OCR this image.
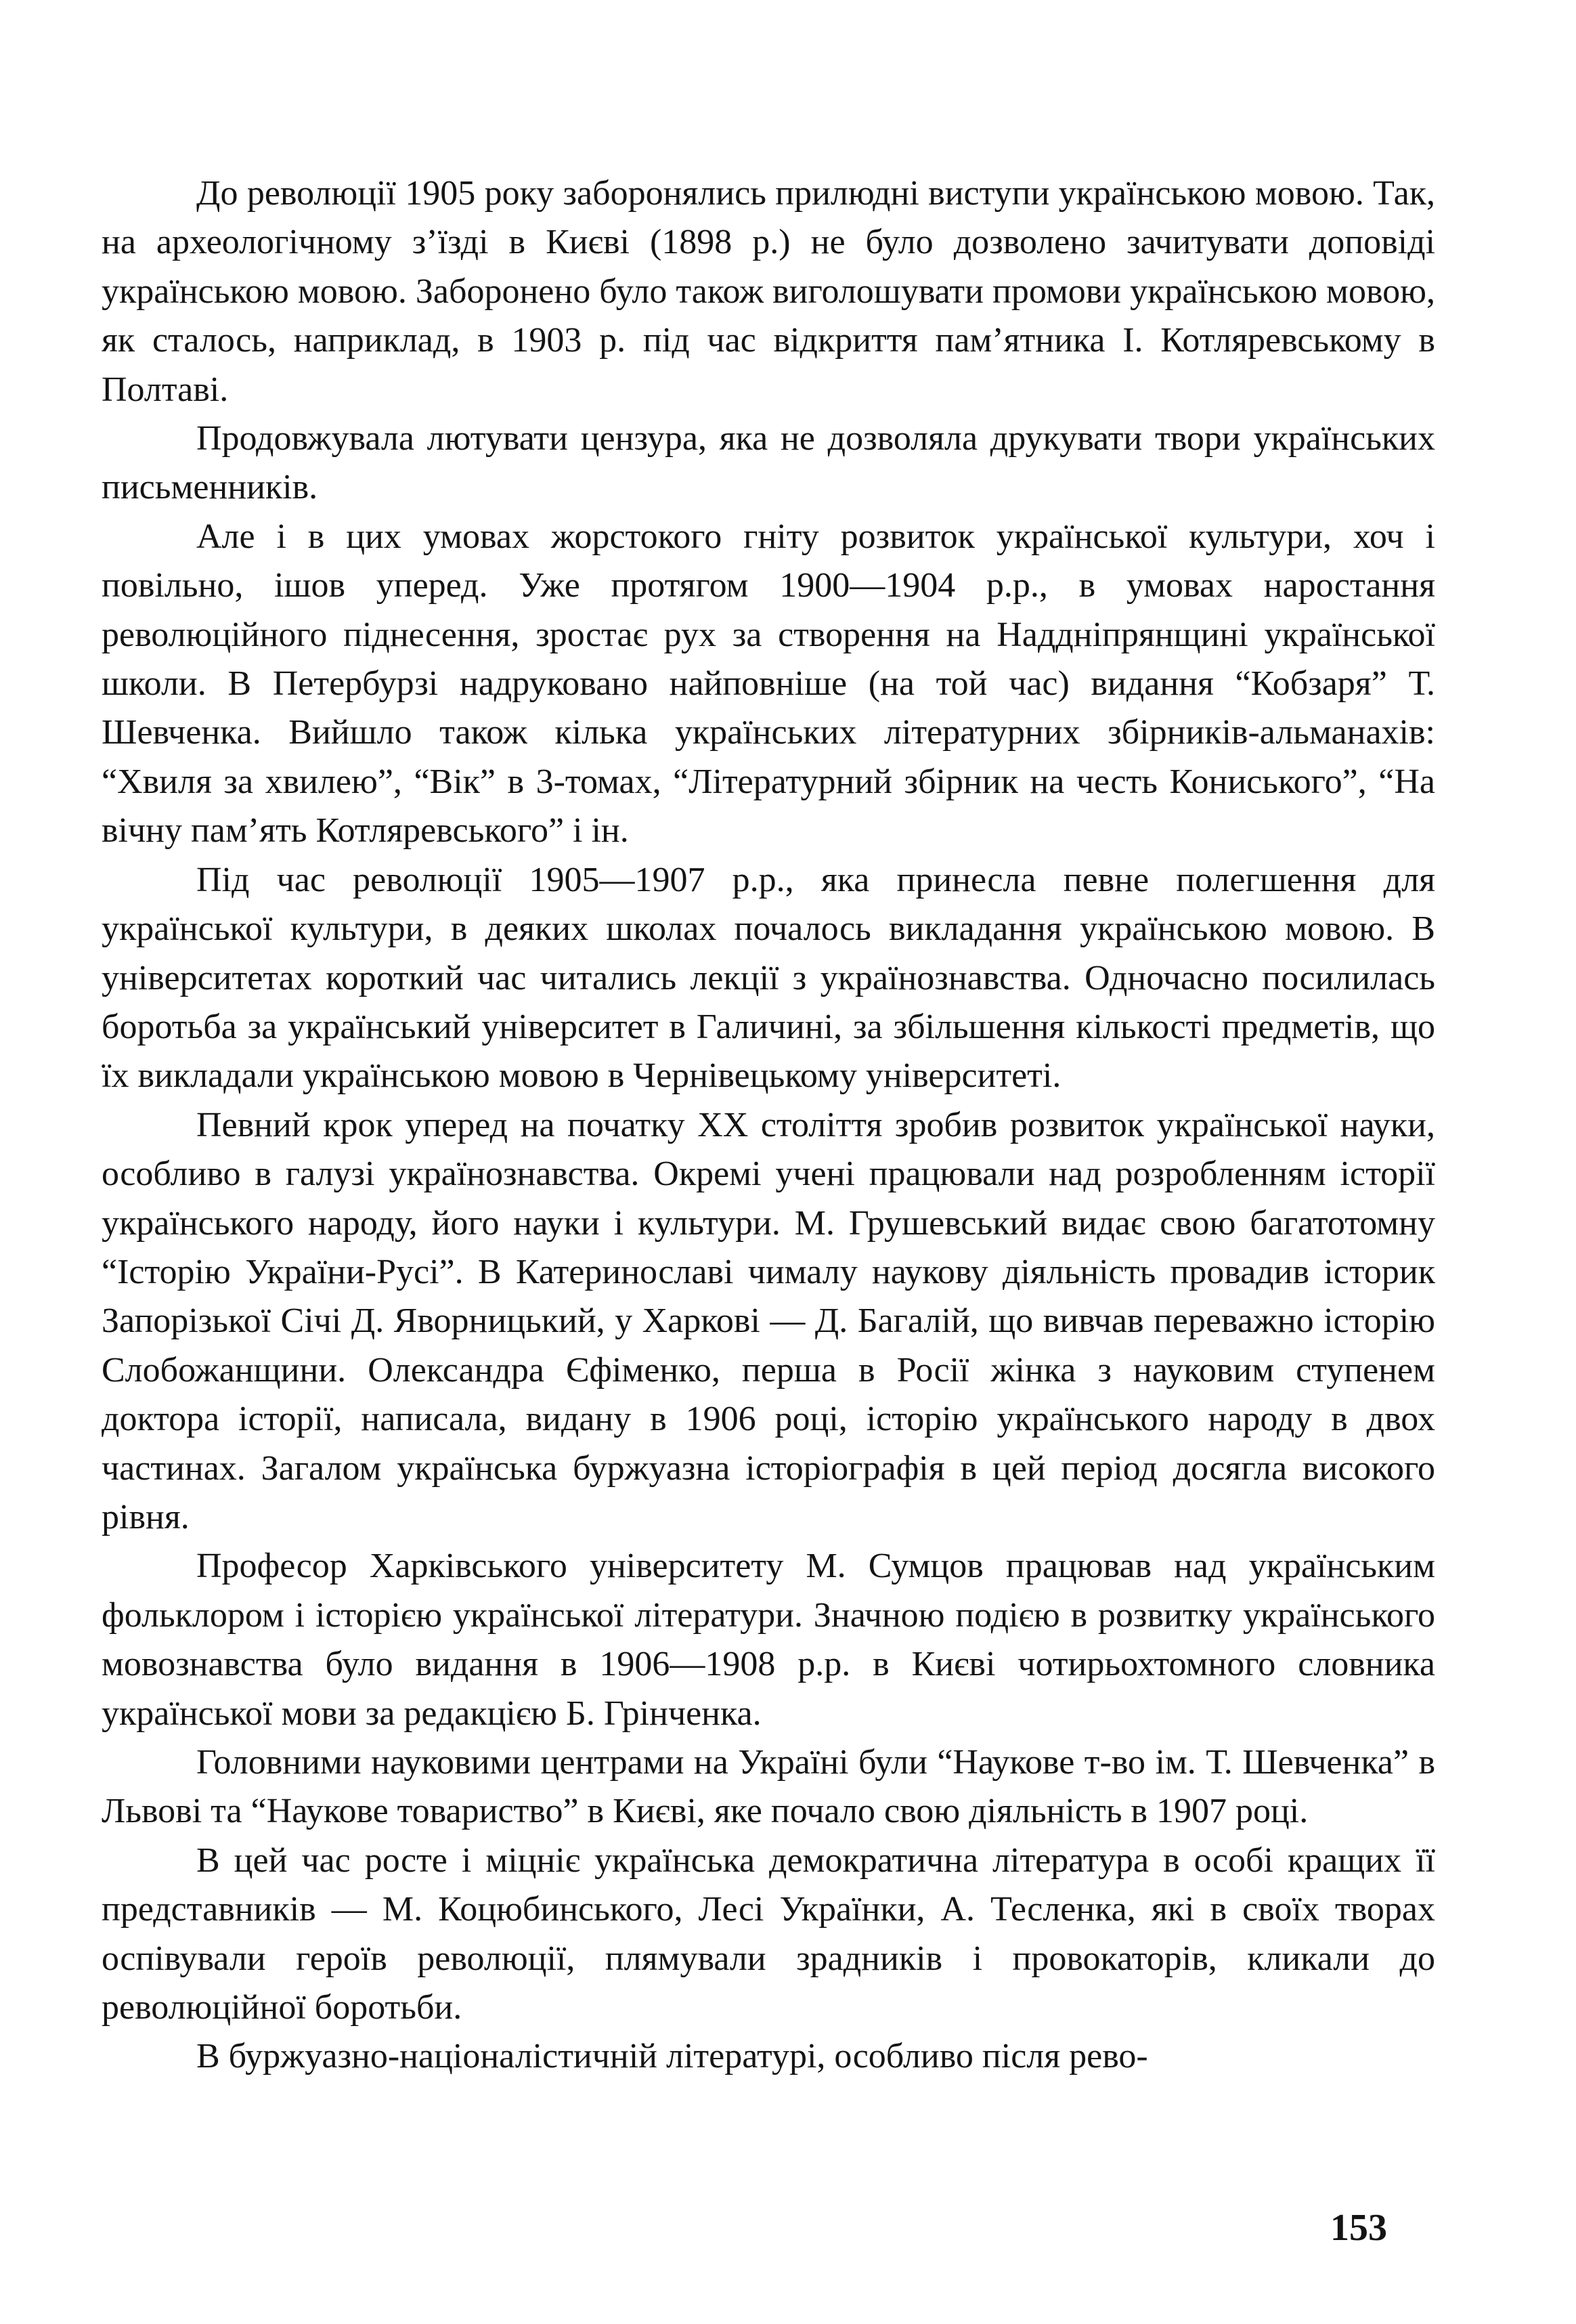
До революції 1905 року заборонялись прилюдні виступи українською мовою. Так, на археологічному з’їзді в Києві (1898 р.) не було дозволено зачитувати доповіді українською мовою. Заборонено було також виголошувати промови українською мовою, як сталось, наприклад, в 1903 р. під час відкриття пам’ятника І. Котляревському в Полтаві.

Продовжувала лютувати цензура, яка не дозволяла друкувати твори українських письменників.

Але і в цих умовах жорстокого гніту розвиток української культури, хоч і повільно, ішов уперед. Уже протягом 1900—1904 р.р., в умовах наростання революційного піднесення, зростає рух за створення на Наддніпрянщині української школи. В Петербурзі надруковано найповніше (на той час) видання “Кобзаря” Т. Шевченка. Вийшло також кілька українських літературних збірників-альманахів: “Хвиля за хвилею”, “Вік” в 3-томах, “Літературний збірник на честь Кониського”, “На вічну пам’ять Котляревського” і ін.

Під час революції 1905—1907 р.р., яка принесла певне полегшення для української культури, в деяких школах почалось викладання українською мовою. В університетах короткий час читались лекції з українознавства. Одночасно посилилась боротьба за український університет в Галичині, за збільшення кількості предметів, що їх викладали українською мовою в Чернівецькому університеті.

Певний крок уперед на початку XX століття зробив розвиток української науки, особливо в галузі українознавства. Окремі учені працювали над розробленням історії українського народу, його науки і культури. М. Грушевський видає свою багатотомну “Історію України-Русі”. В Катеринославі чималу наукову діяльність провадив історик Запорізької Січі Д. Яворницький, у Харкові — Д. Багалій, що вивчав переважно історію Слобожанщини. Олександра Єфіменко, перша в Росії жінка з науковим ступенем доктора історії, написала, видану в 1906 році, історію українського народу в двох частинах. Загалом українська буржуазна історіографія в цей період досягла високого рівня.

Професор Харківського університету М. Сумцов працював над українським фольклором і історією української літератури. Значною подією в розвитку українського мовознавства було видання в 1906—1908 р.р. в Києві чотирьохтомного словника української мови за редакцією Б. Грінченка.

Головними науковими центрами на Україні були “Наукове т-во ім. Т. Шевченка” в Львові та “Наукове товариство” в Києві, яке почало свою діяльність в 1907 році.

В цей час росте і міцніє українська демократична література в особі кращих її представників — М. Коцюбинського, Лесі Українки, А. Тесленка, які в своїх творах оспівували героїв революції, плямували зрадників і провокаторів, кликали до революційної боротьби.

В буржуазно-націоналістичній літературі, особливо після рево-

153
